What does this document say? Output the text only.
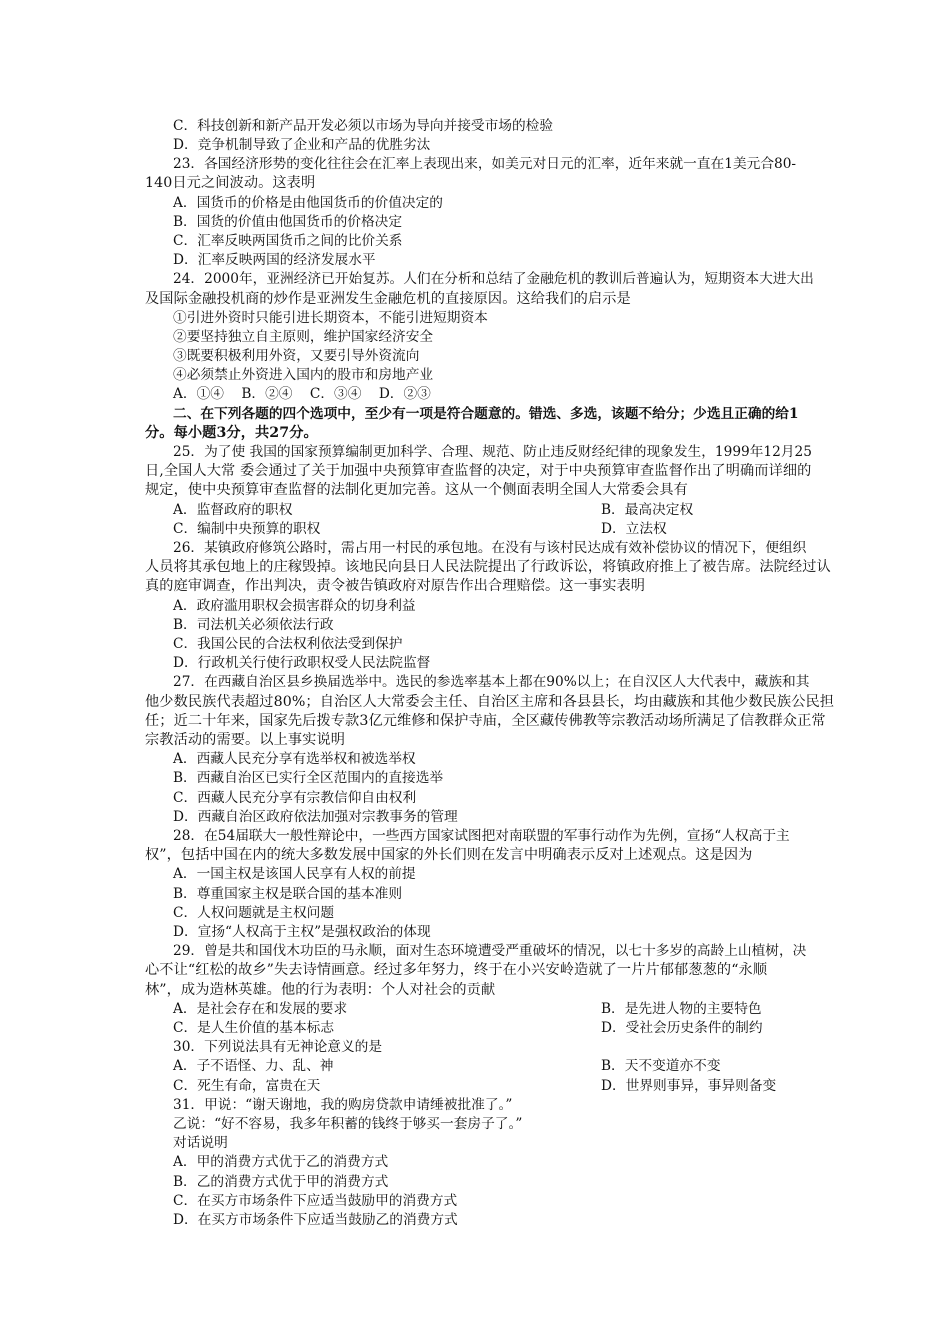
C．科技创新和新产品开发必须以市场为导向并接受市场的检验
D．竞争机制导致了企业和产品的优胜劣汰
23．各国经济形势的变化往往会在汇率上表现出来，如美元对日元的汇率，近年来就一直在1美元合80-
140日元之间波动。这表明
A．国货币的价格是由他国货币的价值决定的
B．国货的价值由他国货币的价格决定
C．汇率反映两国货币之间的比价关系
D．汇率反映两国的经济发展水平
24．2000年，亚洲经济已开始复苏。人们在分析和总结了金融危机的教训后普遍认为，短期资本大进大出
及国际金融投机商的炒作是亚洲发生金融危机的直接原因。这给我们的启示是
①引进外资时只能引进长期资本，不能引进短期资本
②要坚持独立自主原则，维护国家经济安全
③既要积极利用外资，又要引导外资流向
④必须禁止外资进入国内的股市和房地产业
A．①④    B．②④    C．③④    D．②③
二、在下列各题的四个选项中，至少有一项是符合题意的。错选、多选，该题不给分；少选且正确的给1
分。每小题3分，共27分。
25．为了使 我国的国家预算编制更加科学、合理、规范、防止违反财经纪律的现象发生，1999年12月25
日,全国人大常 委会通过了关于加强中央预算审查监督的决定，对于中央预算审查监督作出了明确而详细的
规定，使中央预算审查监督的法制化更加完善。这从一个侧面表明全国人大常委会具有
A．监督政府的职权	B．最高决定权
C．编制中央预算的职权	D．立法权
26．某镇政府修筑公路时，需占用一村民的承包地。在没有与该村民达成有效补偿协议的情况下，便组织
人员将其承包地上的庄稼毁掉。该地民向县日人民法院提出了行政诉讼，将镇政府推上了被告席。法院经过认
真的庭审调查，作出判决，责令被告镇政府对原告作出合理赔偿。这一事实表明
A．政府滥用职权会损害群众的切身利益
B．司法机关必须依法行政
C．我国公民的合法权利依法受到保护
D．行政机关行使行政职权受人民法院监督
27．在西藏自治区县乡换届选举中。选民的参选率基本上都在90%以上；在自汉区人大代表中，藏族和其
他少数民族代表超过80%；自治区人大常委会主任、自治区主席和各县县长，均由藏族和其他少数民族公民担
任；近二十年来，国家先后拨专款3亿元维修和保护寺庙，全区藏传佛教等宗教活动场所满足了信教群众正常
宗教活动的需要。以上事实说明
A．西藏人民充分享有选举权和被选举权
B．西藏自治区已实行全区范围内的直接选举
C．西藏人民充分享有宗教信仰自由权利
D．西藏自治区政府依法加强对宗教事务的管理
28．在54届联大一般性辩论中，一些西方国家试图把对南联盟的军事行动作为先例，宣扬“人权高于主
权”，包括中国在内的统大多数发展中国家的外长们则在发言中明确表示反对上述观点。这是因为
A．一国主权是该国人民享有人权的前提
B．尊重国家主权是联合国的基本准则
C．人权问题就是主权问题
D．宣扬“人权高于主权”是强权政治的体现
29．曾是共和国伐木功臣的马永顺，面对生态环境遭受严重破坏的情况，以七十多岁的高龄上山植树，决
心不让“红松的故乡”失去诗情画意。经过多年努力，终于在小兴安岭造就了一片片郁郁葱葱的“永顺
林”，成为造林英雄。他的行为表明：个人对社会的贡献
A．是社会存在和发展的要求	B．是先进人物的主要特色
C．是人生价值的基本标志	D．受社会历史条件的制约
30．下列说法具有无神论意义的是
A．子不语怪、力、乱、神	B．天不变道亦不变
C．死生有命，富贵在天	D．世界则事异，事异则备变
31．甲说：“谢天谢地，我的购房贷款申请缍被批准了。”
乙说：“好不容易，我多年积蓄的钱终于够买一套房子了。”
对话说明
A．甲的消费方式优于乙的消费方式
B．乙的消费方式优于甲的消费方式
C．在买方市场条件下应适当鼓励甲的消费方式
D．在买方市场条件下应适当鼓励乙的消费方式
